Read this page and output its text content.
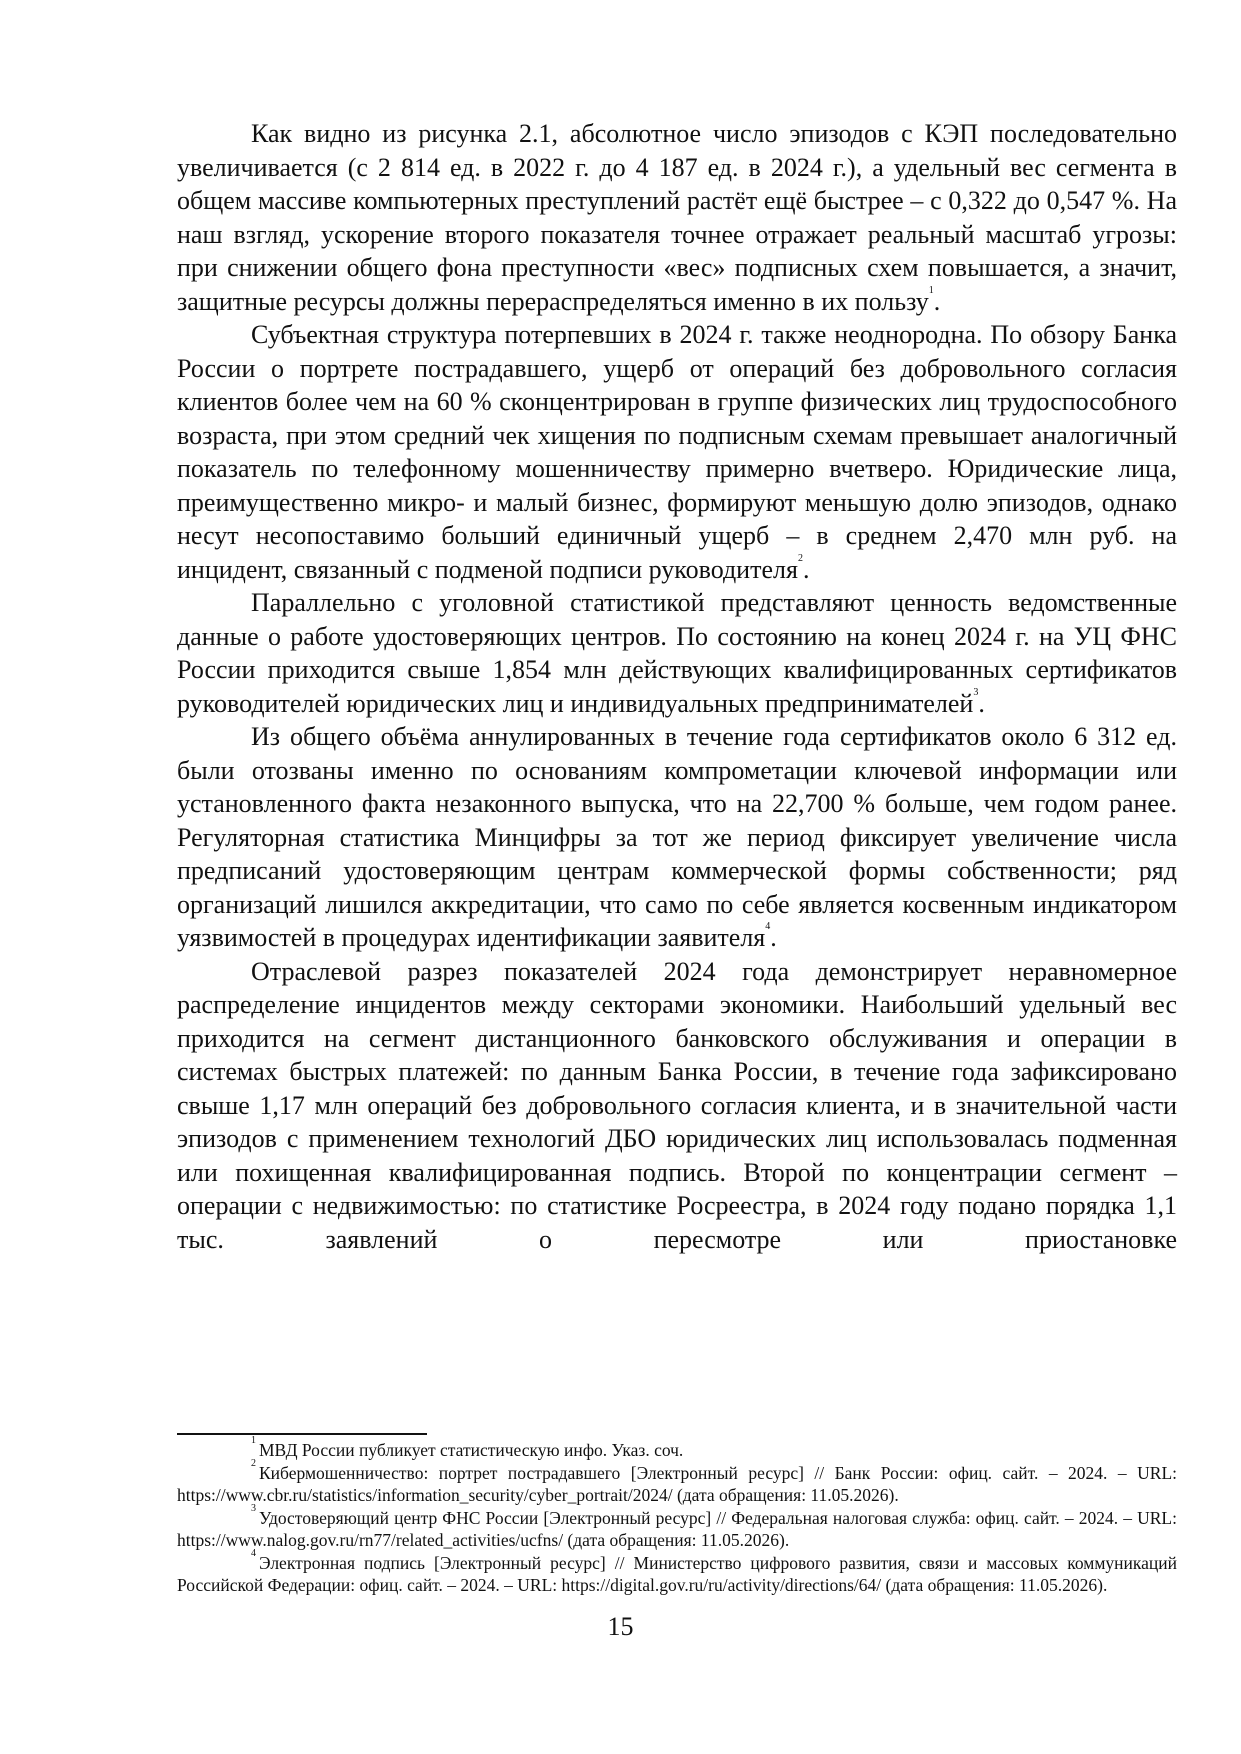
Как видно из рисунка 2.1, абсолютное число эпизодов с КЭП последовательно увеличивается (с 2 814 ед. в 2022 г. до 4 187 ед. в 2024 г.), а удельный вес сегмента в общем массиве компьютерных преступлений растёт ещё быстрее – с 0,322 до 0,547 %. На наш взгляд, ускорение второго показателя точнее отражает реальный масштаб угрозы: при снижении общего фона преступности «вес» подписных схем повышается, а значит, защитные ресурсы должны перераспределяться именно в их пользу$^1$.

Субъектная структура потерпевших в 2024 г. также неоднородна. По обзору Банка России о портрете пострадавшего, ущерб от операций без добровольного согласия клиентов более чем на 60 % сконцентрирован в группе физических лиц трудоспособного возраста, при этом средний чек хищения по подписным схемам превышает аналогичный показатель по телефонному мошенничеству примерно вчетверо. Юридические лица, преимущественно микро- и малый бизнес, формируют меньшую долю эпизодов, однако несут несопоставимо больший единичный ущерб – в среднем 2,470 млн руб. на инцидент, связанный с подменой подписи руководителя$^2$.

Параллельно с уголовной статистикой представляют ценность ведомственные данные о работе удостоверяющих центров. По состоянию на конец 2024 г. на УЦ ФНС России приходится свыше 1,854 млн действующих квалифицированных сертификатов руководителей юридических лиц и индивидуальных предпринимателей$^3$.

Из общего объёма аннулированных в течение года сертификатов около 6 312 ед. были отозваны именно по основаниям компрометации ключевой информации или установленного факта незаконного выпуска, что на 22,700 % больше, чем годом ранее. Регуляторная статистика Минцифры за тот же период фиксирует увеличение числа предписаний удостоверяющим центрам коммерческой формы собственности; ряд организаций лишился аккредитации, что само по себе является косвенным индикатором уязвимостей в процедурах идентификации заявителя$^4$.

Отраслевой разрез показателей 2024 года демонстрирует неравномерное распределение инцидентов между секторами экономики. Наибольший удельный вес приходится на сегмент дистанционного банковского обслуживания и операции в системах быстрых платежей: по данным Банка России, в течение года зафиксировано свыше 1,17 млн операций без добровольного согласия клиента, и в значительной части эпизодов с применением технологий ДБО юридических лиц использовалась подменная или похищенная квалифицированная подпись. Второй по концентрации сегмент – операции с недвижимостью: по статистике Росреестра, в 2024 году подано порядка 1,1 тыс. заявлений о пересмотре или приостановке

$^1$ МВД России публикует статистическую инфо. Указ. соч.

$^2$ Кибермошенничество: портрет пострадавшего [Электронный ресурс] // Банк России: офиц. сайт. – 2024. – URL: https://www.cbr.ru/statistics/information_security/cyber_portrait/2024/ (дата обращения: 11.05.2026).

$^3$ Удостоверяющий центр ФНС России [Электронный ресурс] // Федеральная налоговая служба: офиц. сайт. – 2024. – URL: https://www.nalog.gov.ru/rn77/related_activities/ucfns/ (дата обращения: 11.05.2026).

$^4$ Электронная подпись [Электронный ресурс] // Министерство цифрового развития, связи и массовых коммуникаций Российской Федерации: офиц. сайт. – 2024. – URL: https://digital.gov.ru/ru/activity/directions/64/ (дата обращения: 11.05.2026).

15
